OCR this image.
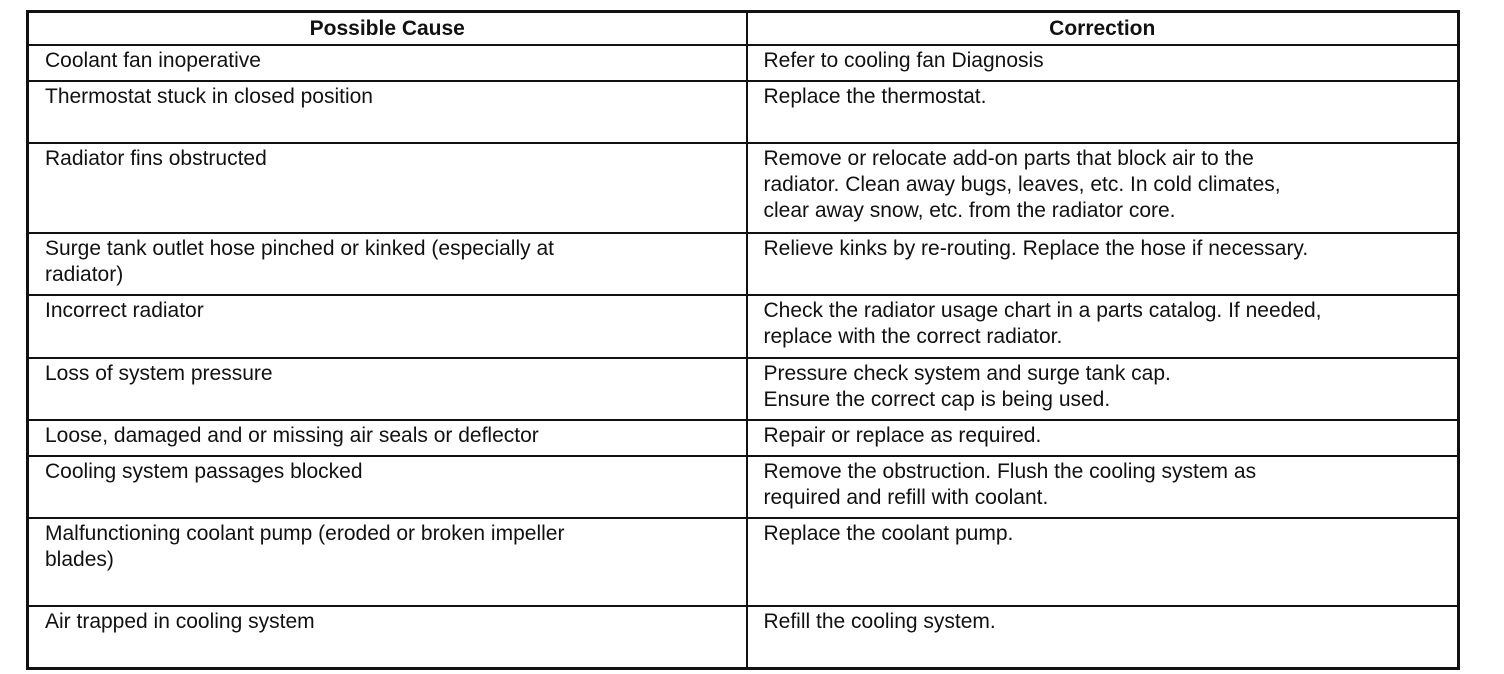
Possible Cause	Correction
Coolant fan inoperative	Refer to cooling fan Diagnosis
Thermostat stuck in closed position	Replace the thermostat.
Radiator fins obstructed	Remove or relocate add-on parts that block air to the
radiator. Clean away bugs, leaves, etc. In cold climates,
clear away snow, etc. from the radiator core.
Surge tank outlet hose pinched or kinked (especially at
radiator)	Relieve kinks by re-routing. Replace the hose if necessary.
Incorrect radiator	Check the radiator usage chart in a parts catalog. If needed,
replace with the correct radiator.
Loss of system pressure	Pressure check system and surge tank cap.
Ensure the correct cap is being used.
Loose, damaged and or missing air seals or deflector	Repair or replace as required.
Cooling system passages blocked	Remove the obstruction. Flush the cooling system as
required and refill with coolant.
Malfunctioning coolant pump (eroded or broken impeller
blades)	Replace the coolant pump.
Air trapped in cooling system	Refill the cooling system.
